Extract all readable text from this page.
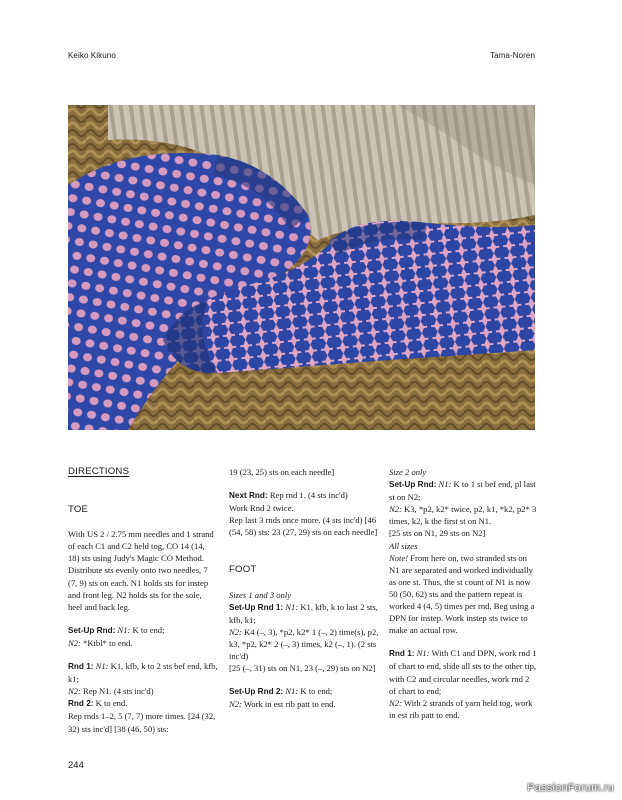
Keiko Kikuno	Tama-Noren
DIRECTIONS
TOE

With US 2 / 2.75 mm needles and 1 strand of each C1 and C2 held tog, CO 14 (14, 18) sts using Judy's Magic CO Method. Distribute sts evenly onto two needles, 7 (7, 9) sts on each. N1 holds sts for instep and front leg. N2 holds sts for the sole, heel and back leg.

Set-Up Rnd: N1: K to end;

N2: *Ktbl* to end.

Rnd 1: N1: K1, kfb, k to 2 sts bef end, kfb, k1;

N2: Rep N1. (4 sts inc'd)

Rnd 2: K to end.

Rep rnds 1–2, 5 (7, 7) more times. [24 (32, 32) sts inc'd] [38 (46, 50) sts:

19 (23, 25) sts on each needle]

Next Rnd: Rep rnd 1. (4 sts inc'd)

Work Rnd 2 twice.

Rep last 3 rnds once more. (4 sts inc'd) [46 (54, 58) sts: 23 (27, 29) sts on each needle]

FOOT

Sizes 1 and 3 only

Set-Up Rnd 1: N1: K1, kfb, k to last 2 sts, kfb, k1;

N2: K4 (–, 3), *p2, k2* 1 (–, 2) time(s), p2, k3, *p2, k2* 2 (–, 3) times, k2 (–, 1). (2 sts inc'd)

[25 (–, 31) sts on N1, 23 (–, 29) sts on N2]

Set-Up Rnd 2: N1: K to end;

N2: Work in est rib patt to end.

Size 2 only

Set-Up Rnd: N1: K to 1 st bef end, pl last st on N2;

N2: K3, *p2, k2* twice, p2, k1, *k2, p2* 3 times, k2, k the first st on N1.

[25 sts on N1, 29 sts on N2]

All sizes

Note! From here on, two stranded sts on N1 are separated and worked individually as one st. Thus, the st count of N1 is now 50 (50, 62) sts and the pattern repeat is worked 4 (4, 5) times per rnd. Beg using a DPN for instep. Work instep sts twice to make an actual row.

Rnd 1: N1: With C1 and DPN, work rnd 1 of chart to end, slide all sts to the other tip, with C2 and circular needles, work rnd 2 of chart to end;

N2: With 2 strands of yarn held tog, work in est rib patt to end.

244
PassionForum.ru
